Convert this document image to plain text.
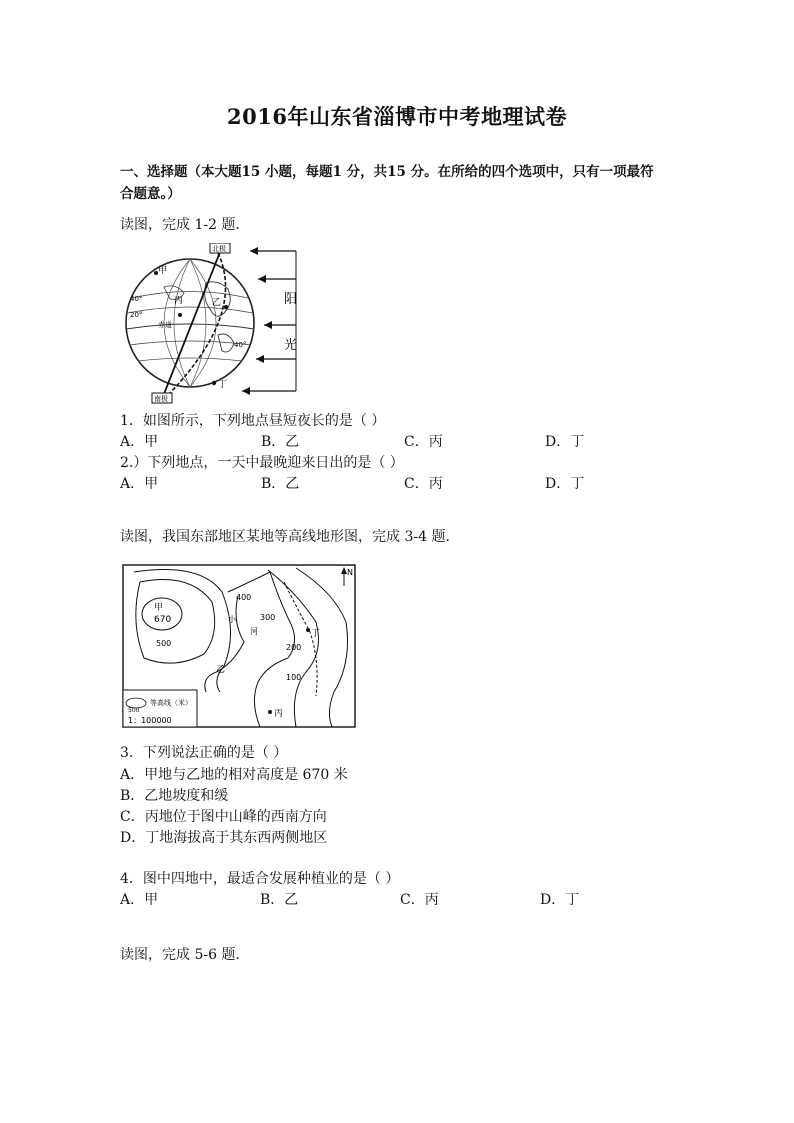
2016年山东省淄博市中考地理试卷
一、选择题（本大题15 小题，每题1 分，共15 分。在所给的四个选项中，只有一项最符
合题意。）
读图，完成 1-2 题．
北极
南极
甲
丙	乙
丁
40°
20°
赤道
40°
阳
光
1．如图所示，下列地点昼短夜长的是（ ）
A．甲	B．乙	C．丙	D．丁
2.）下列地点，一天中最晚迎来日出的是（ ）
A．甲	B．乙	C．丙	D．丁
读图，我国东部地区某地等高线地形图，完成 3-4 题．
N
甲
670
400
500
300
200
100
小
河	丁
乙
丙
500
等高线（米）
1：100000
3．下列说法正确的是（ ）
A．甲地与乙地的相对高度是 670 米
B．乙地坡度和缓
C．丙地位于图中山峰的西南方向
D．丁地海拔高于其东西两侧地区
4．图中四地中，最适合发展种植业的是（ ）
A．甲	B．乙	C．丙	D．丁
读图，完成 5-6 题．
